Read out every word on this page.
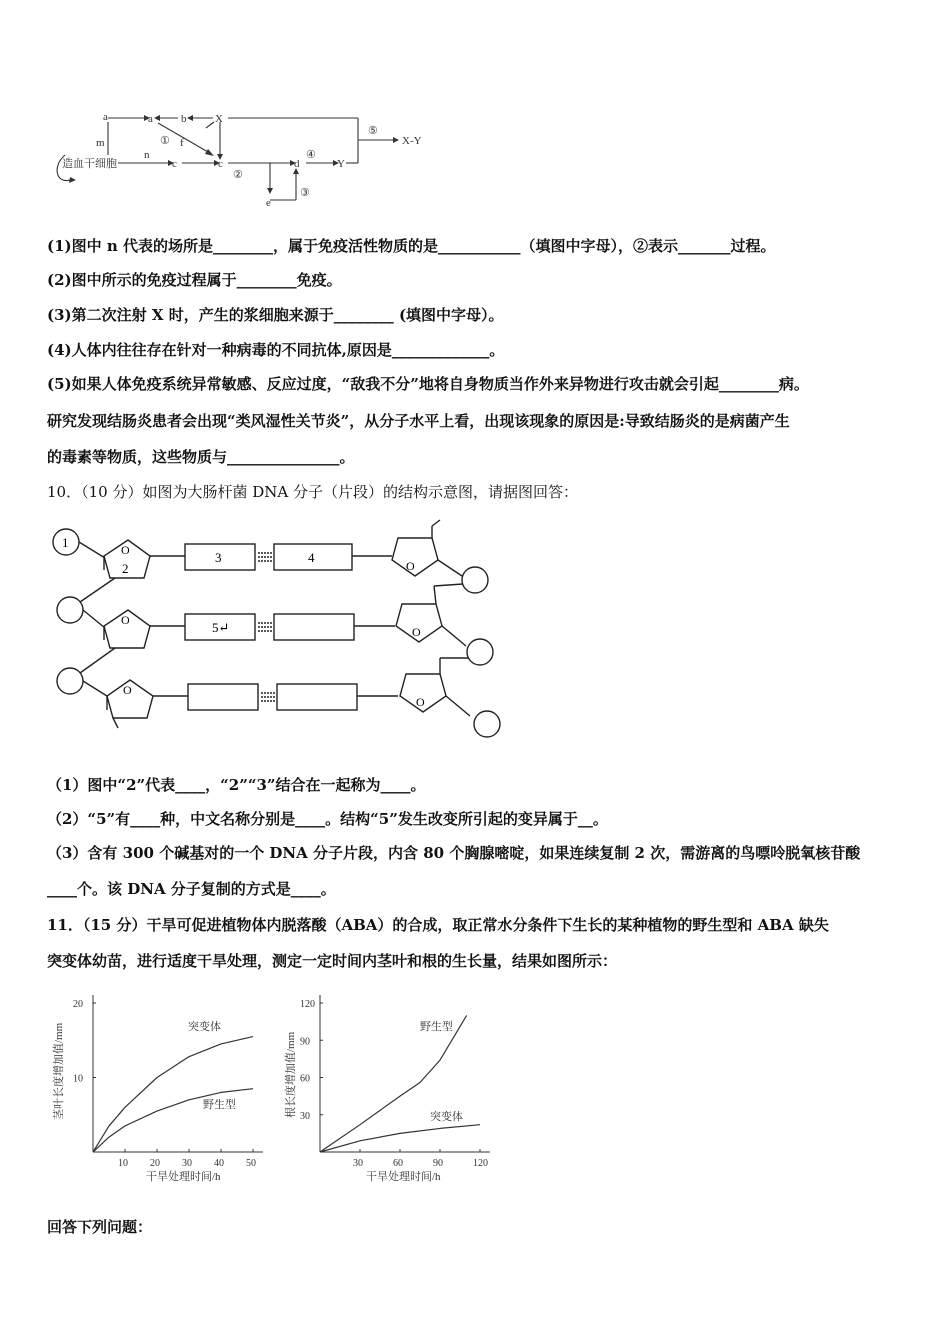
a	a	b	X
m	① f
n
c	c	d	Y
④
⑤
X-Y
②
③
e
造血干细胞
(1)图中 n 代表的场所是________，属于免疫活性物质的是___________（填图中字母），②表示_______过程。
(2)图中所示的免疫过程属于________免疫。
(3)第二次注射 X 时，产生的浆细胞来源于________ (填图中字母）。
(4)人体内往往存在针对一种病毒的不同抗体,原因是_____________。
(5)如果人体免疫系统异常敏感、反应过度，“敌我不分”地将自身物质当作外来异物进行攻击就会引起________病。
研究发现结肠炎患者会出现“类风湿性关节炎”，从分子水平上看，出现该现象的原因是:导致结肠炎的是病菌产生
的毒素等物质，这些物质与_______________。
10．（10 分）如图为大肠杆菌 DNA 分子（片段）的结构示意图，请据图回答：
1
2
3	4
5↵
O
O
O
O
O
O
（1）图中“2”代表____，“2”“3”结合在一起称为____。
（2）“5”有____种，中文名称分别是____。结构“5”发生改变所引起的变异属于__。
（3）含有 300 个碱基对的一个 DNA 分子片段，内含 80 个胸腺嘧啶，如果连续复制 2 次，需游离的鸟嘌呤脱氧核苷酸
____个。该 DNA 分子复制的方式是____。
11．（15 分）干旱可促进植物体内脱落酸（ABA）的合成，取正常水分条件下生长的某种植物的野生型和 ABA 缺失
突变体幼苗，进行适度干旱处理，测定一定时间内茎叶和根的生长量，结果如图所示：
10 20 30 40 50
10
20
茎叶长度增加值/mm
干旱处理时间/h
突变体
野生型
30	60	90	120
30
60
90
120
根长度增加值/mm
干旱处理时间/h
野生型
突变体
回答下列问题：
